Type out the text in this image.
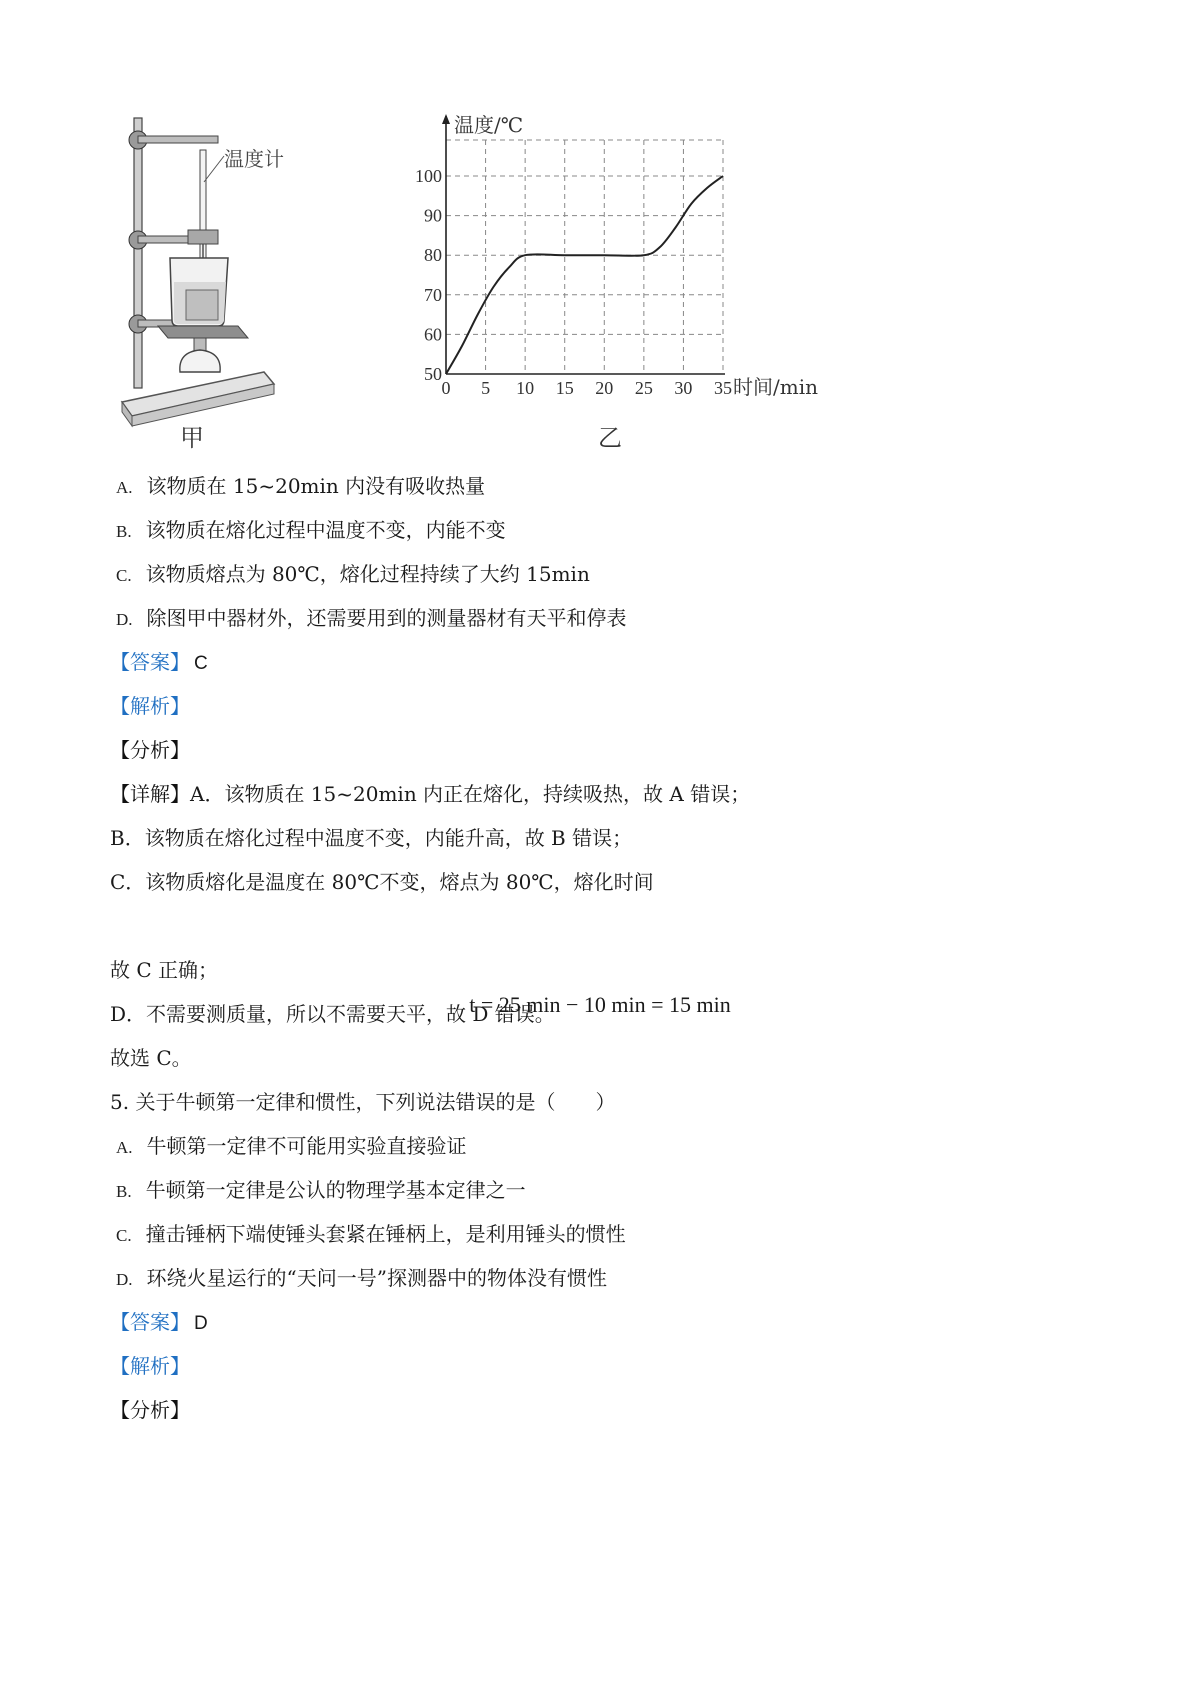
温度计
甲
0 5 10 15 20 25 30 35
50
60
70
80
90
100
温度/℃
时间/min
乙
A. 该物质在 15~20min 内没有吸收热量
B. 该物质在熔化过程中温度不变，内能不变
C. 该物质熔点为 80℃，熔化过程持续了大约 15min
D. 除图甲中器材外，还需要用到的测量器材有天平和停表
【答案】 C
【解析】
【分析】
【详解】A．该物质在 15~20min 内正在熔化，持续吸热，故 A 错误；
B．该物质在熔化过程中温度不变，内能升高，故 B 错误；
C．该物质熔化是温度在 80℃不变，熔点为 80℃，熔化时间
t = 25 min − 10 min = 15 min
故 C 正确；
D．不需要测质量，所以不需要天平，故 D 错误。
故选 C。
5. 关于牛顿第一定律和惯性，下列说法错误的是（　　）
A. 牛顿第一定律不可能用实验直接验证
B. 牛顿第一定律是公认的物理学基本定律之一
C. 撞击锤柄下端使锤头套紧在锤柄上，是利用锤头的惯性
D. 环绕火星运行的“天问一号”探测器中的物体没有惯性
【答案】 D
【解析】
【分析】
